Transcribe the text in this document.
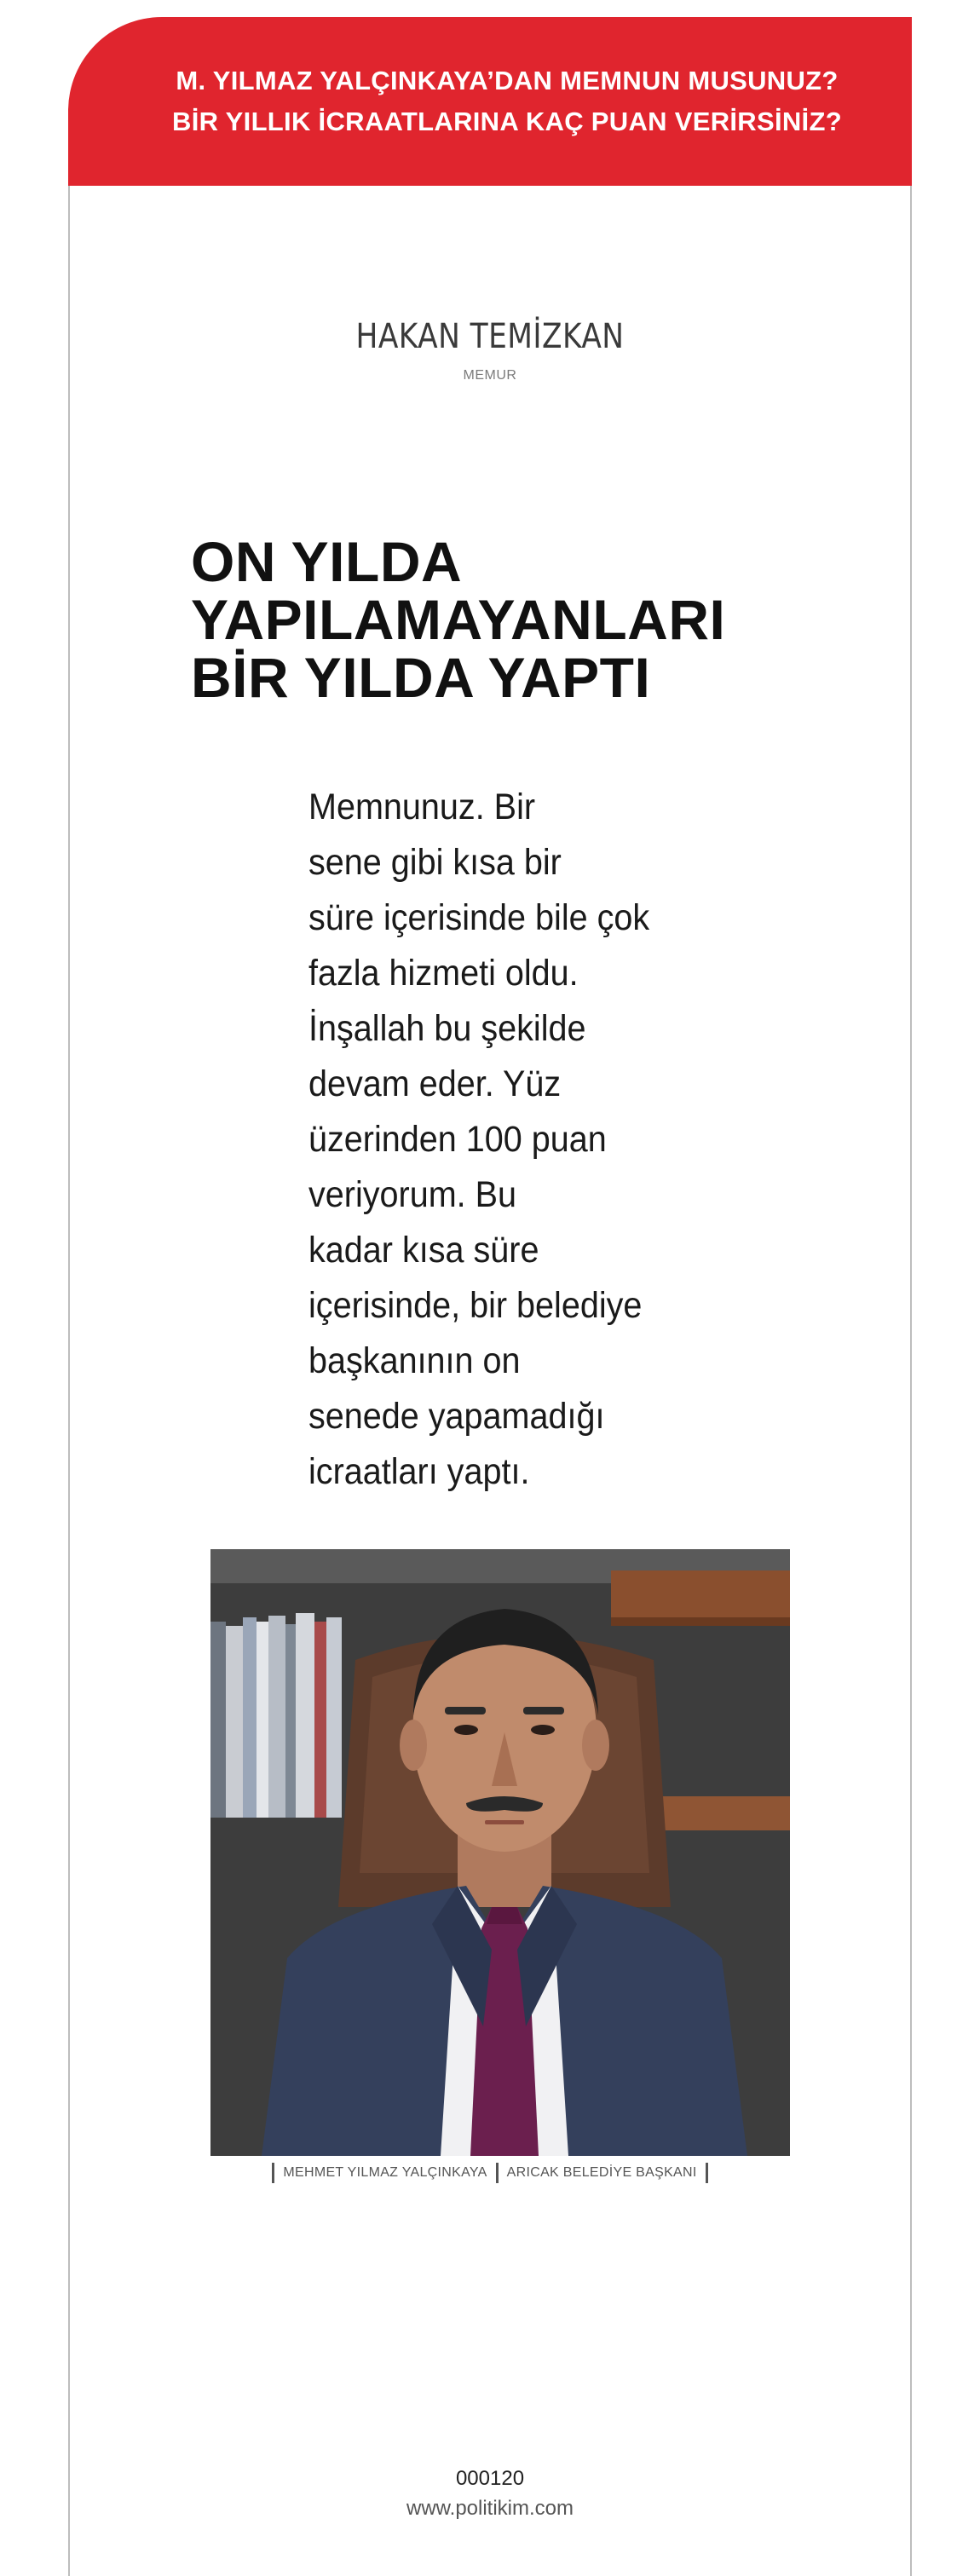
M. YILMAZ YALÇINKAYA’DAN MEMNUN MUSUNUZ?
BİR YILLIK İCRAATLARINA KAÇ PUAN VERİRSİNİZ?
HAKAN TEMİZKAN
MEMUR
ON YILDA
YAPILAMAYANLARI
BİR YILDA YAPTI
Memnunuz. Bir
sene gibi kısa bir
süre içerisinde bile çok
fazla hizmeti oldu.
İnşallah bu şekilde
devam eder. Yüz
üzerinden 100 puan
veriyorum. Bu
kadar kısa süre
içerisinde, bir belediye
başkanının on
senede yapamadığı
icraatları yaptı.
MEHMET YILMAZ YALÇINKAYA ARICAK BELEDİYE BAŞKANI
000120
www.politikim.com
